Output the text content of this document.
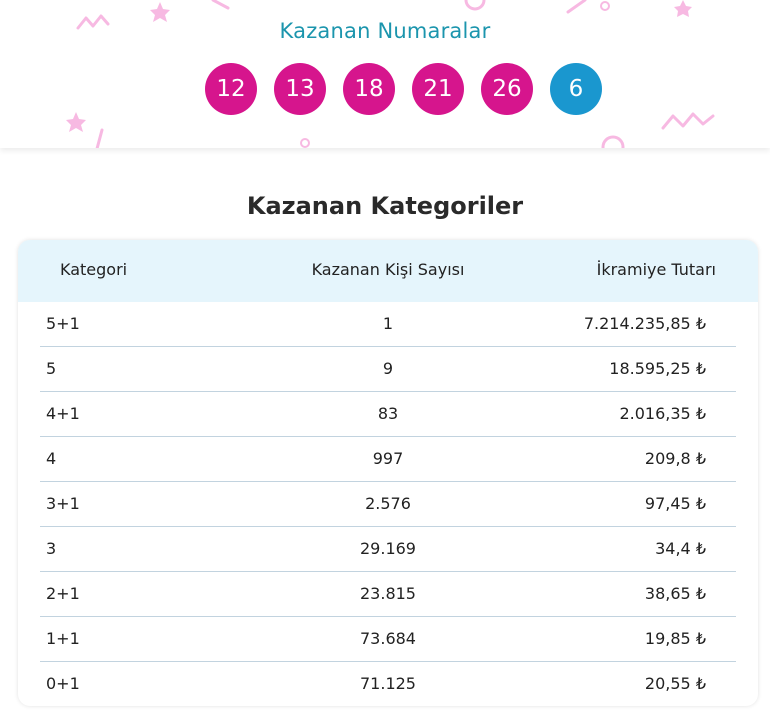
Kazanan Numaralar
12	13	18	21	26	6
Kazanan Kategoriler
Kategori	Kazanan Kişi Sayısı	İkramiye Tutarı
5+1	1	7.214.235,85 ₺
5	9	18.595,25 ₺
4+1	83	2.016,35 ₺
4	997	209,8 ₺
3+1	2.576	97,45 ₺
3	29.169	34,4 ₺
2+1	23.815	38,65 ₺
1+1	73.684	19,85 ₺
0+1	71.125	20,55 ₺
